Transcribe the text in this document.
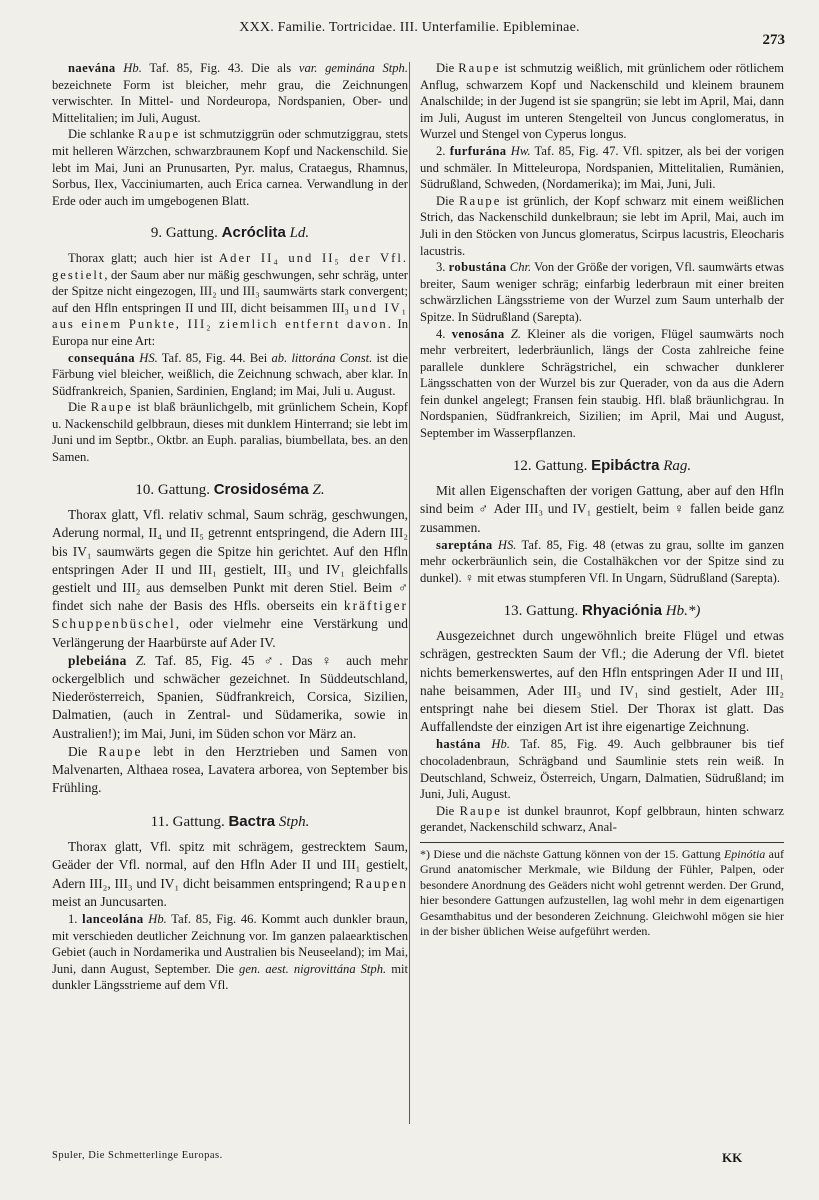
XXX. Familie. Tortricidae. III. Unterfamilie. Epibleminae.
273

naevána Hb. Taf. 85, Fig. 43. Die als var. geminána Stph. bezeichnete Form ist bleicher, mehr grau, die Zeichnungen verwischter. In Mittel- und Nordeuropa, Nordspanien, Ober- und Mittelitalien; im Juli, August.

Die schlanke Raupe ist schmutziggrün oder schmutziggrau, stets mit helleren Wärzchen, schwarzbraunem Kopf und Nackenschild. Sie lebt im Mai, Juni an Prunusarten, Pyr. malus, Crataegus, Rhamnus, Sorbus, Ilex, Vacciniumarten, auch Erica carnea. Verwandlung in der Erde oder auch im umgebogenen Blatt.

9. Gattung. Acróclita Ld.

Thorax glatt; auch hier ist Ader II₄ und II₅ der Vfl. gestielt, der Saum aber nur mäßig geschwungen, sehr schräg, unter der Spitze nicht eingezogen, III₂ und III₃ saumwärts stark convergent; auf den Hfln entspringen II und III, dicht beisammen III₃ und IV₁ aus einem Punkte, III₂ ziemlich entfernt davon. In Europa nur eine Art:

consequána HS. Taf. 85, Fig. 44. Bei ab. littorána Const. ist die Färbung viel bleicher, weißlich, die Zeichnung schwach, aber klar. In Südfrankreich, Spanien, Sardinien, England; im Mai, Juli u. August.

Die Raupe ist blaß bräunlichgelb, mit grünlichem Schein, Kopf u. Nackenschild gelbbraun, dieses mit dunklem Hinterrand; sie lebt im Juni und im Septbr., Oktbr. an Euph. paralias, biumbellata, bes. an den Samen.

10. Gattung. Crosidoséma Z.

Thorax glatt, Vfl. relativ schmal, Saum schräg, geschwungen, Aderung normal, II₄ und II₅ getrennt entspringend, die Adern III₂ bis IV₁ saumwärts gegen die Spitze hin gerichtet. Auf den Hfln entspringen Ader II und III₁ gestielt, III₃ und IV₁ gleichfalls gestielt und III₂ aus demselben Punkt mit deren Stiel. Beim ♂ findet sich nahe der Basis des Hfls. oberseits ein kräftiger Schuppenbüschel, oder vielmehr eine Verstärkung und Verlängerung der Haarbürste auf Ader IV.

plebeiána Z. Taf. 85, Fig. 45 ♂. Das ♀ auch mehr ockergelblich und schwächer gezeichnet. In Süddeutschland, Niederösterreich, Spanien, Südfrankreich, Corsica, Sizilien, Dalmatien, (auch in Zentral- und Südamerika, sowie in Australien!); im Mai, Juni, im Süden schon vor März an.

Die Raupe lebt in den Herztrieben und Samen von Malvenarten, Althaea rosea, Lavatera arborea, von September bis Frühling.

11. Gattung. Bactra Stph.

Thorax glatt, Vfl. spitz mit schrägem, gestrecktem Saum, Geäder der Vfl. normal, auf den Hfln Ader II und III₁ gestielt, Adern III₂, III₃ und IV₁ dicht beisammen entspringend; Raupen meist an Juncusarten.

1. lanceolána Hb. Taf. 85, Fig. 46. Kommt auch dunkler braun, mit verschieden deutlicher Zeichnung vor. Im ganzen palaearktischen Gebiet (auch in Nordamerika und Australien bis Neuseeland); im Mai, Juni, dann August, September. Die gen. aest. nigrovittána Stph. mit dunkler Längsstrieme auf dem Vfl.

Die Raupe ist schmutzig weißlich, mit grünlichem oder rötlichem Anflug, schwarzem Kopf und Nackenschild und kleinem braunem Analschilde; in der Jugend ist sie spangrün; sie lebt im April, Mai, dann im Juli, August im unteren Stengelteil von Juncus conglomeratus, in Wurzel und Stengel von Cyperus longus.

2. furfurána Hw. Taf. 85, Fig. 47. Vfl. spitzer, als bei der vorigen und schmäler. In Mitteleuropa, Nordspanien, Mittelitalien, Rumänien, Südrußland, Schweden, (Nordamerika); im Mai, Juni, Juli.

Die Raupe ist grünlich, der Kopf schwarz mit einem weißlichen Strich, das Nackenschild dunkelbraun; sie lebt im April, Mai, auch im Juli in den Stöcken von Juncus glomeratus, Scirpus lacustris, Eleocharis lacustris.

3. robustána Chr. Von der Größe der vorigen, Vfl. saumwärts etwas breiter, Saum weniger schräg; einfarbig lederbraun mit einer breiten schwärzlichen Längsstrieme von der Wurzel zum Saum unterhalb der Spitze. In Südrußland (Sarepta).

4. venosána Z. Kleiner als die vorigen, Flügel saumwärts noch mehr verbreitert, lederbräunlich, längs der Costa zahlreiche feine parallele dunklere Schrägstrichel, ein schwacher dunklerer Längsschatten von der Wurzel bis zur Querader, von da aus die Adern fein dunkel angelegt; Fransen fein staubig. Hfl. blaß bräunlichgrau. In Nordspanien, Südfrankreich, Sizilien; im April, Mai und August, September im Wasserpflanzen.

12. Gattung. Epibáctra Rag.

Mit allen Eigenschaften der vorigen Gattung, aber auf den Hfln sind beim ♂ Ader III₃ und IV₁ gestielt, beim ♀ fallen beide ganz zusammen.

sareptána HS. Taf. 85, Fig. 48 (etwas zu grau, sollte im ganzen mehr ockerbräunlich sein, die Costalhäkchen vor der Spitze sind zu dunkel). ♀ mit etwas stumpferen Vfl. In Ungarn, Südrußland (Sarepta).

13. Gattung. Rhyaciónia Hb.*)

Ausgezeichnet durch ungewöhnlich breite Flügel und etwas schrägen, gestreckten Saum der Vfl.; die Aderung der Vfl. bietet nichts bemerkenswertes, auf den Hfln entspringen Ader II und III₁ nahe beisammen, Ader III₃ und IV₁ sind gestielt, Ader III₂ entspringt nahe bei diesem Stiel. Der Thorax ist glatt. Das Auffallendste der einzigen Art ist ihre eigenartige Zeichnung.

hastána Hb. Taf. 85, Fig. 49. Auch gelbbrauner bis tief chocoladenbraun, Schrägband und Saumlinie stets rein weiß. In Deutschland, Schweiz, Österreich, Ungarn, Dalmatien, Südrußland; im Juni, Juli, August.

Die Raupe ist dunkel braunrot, Kopf gelbbraun, hinten schwarz gerandet, Nackenschild schwarz, Anal-

*) Diese und die nächste Gattung können von der 15. Gattung Epinótia auf Grund anatomischer Merkmale, wie Bildung der Fühler, Palpen, oder besondere Anordnung des Geäders nicht wohl getrennt werden. Der Grund, hier besondere Gattungen aufzustellen, lag wohl mehr in dem eigenartigen Gesamthabitus und der besonderen Zeichnung. Gleichwohl mögen sie hier in der bisher üblichen Weise aufgeführt werden.
Spuler, Die Schmetterlinge Europas.	KK
